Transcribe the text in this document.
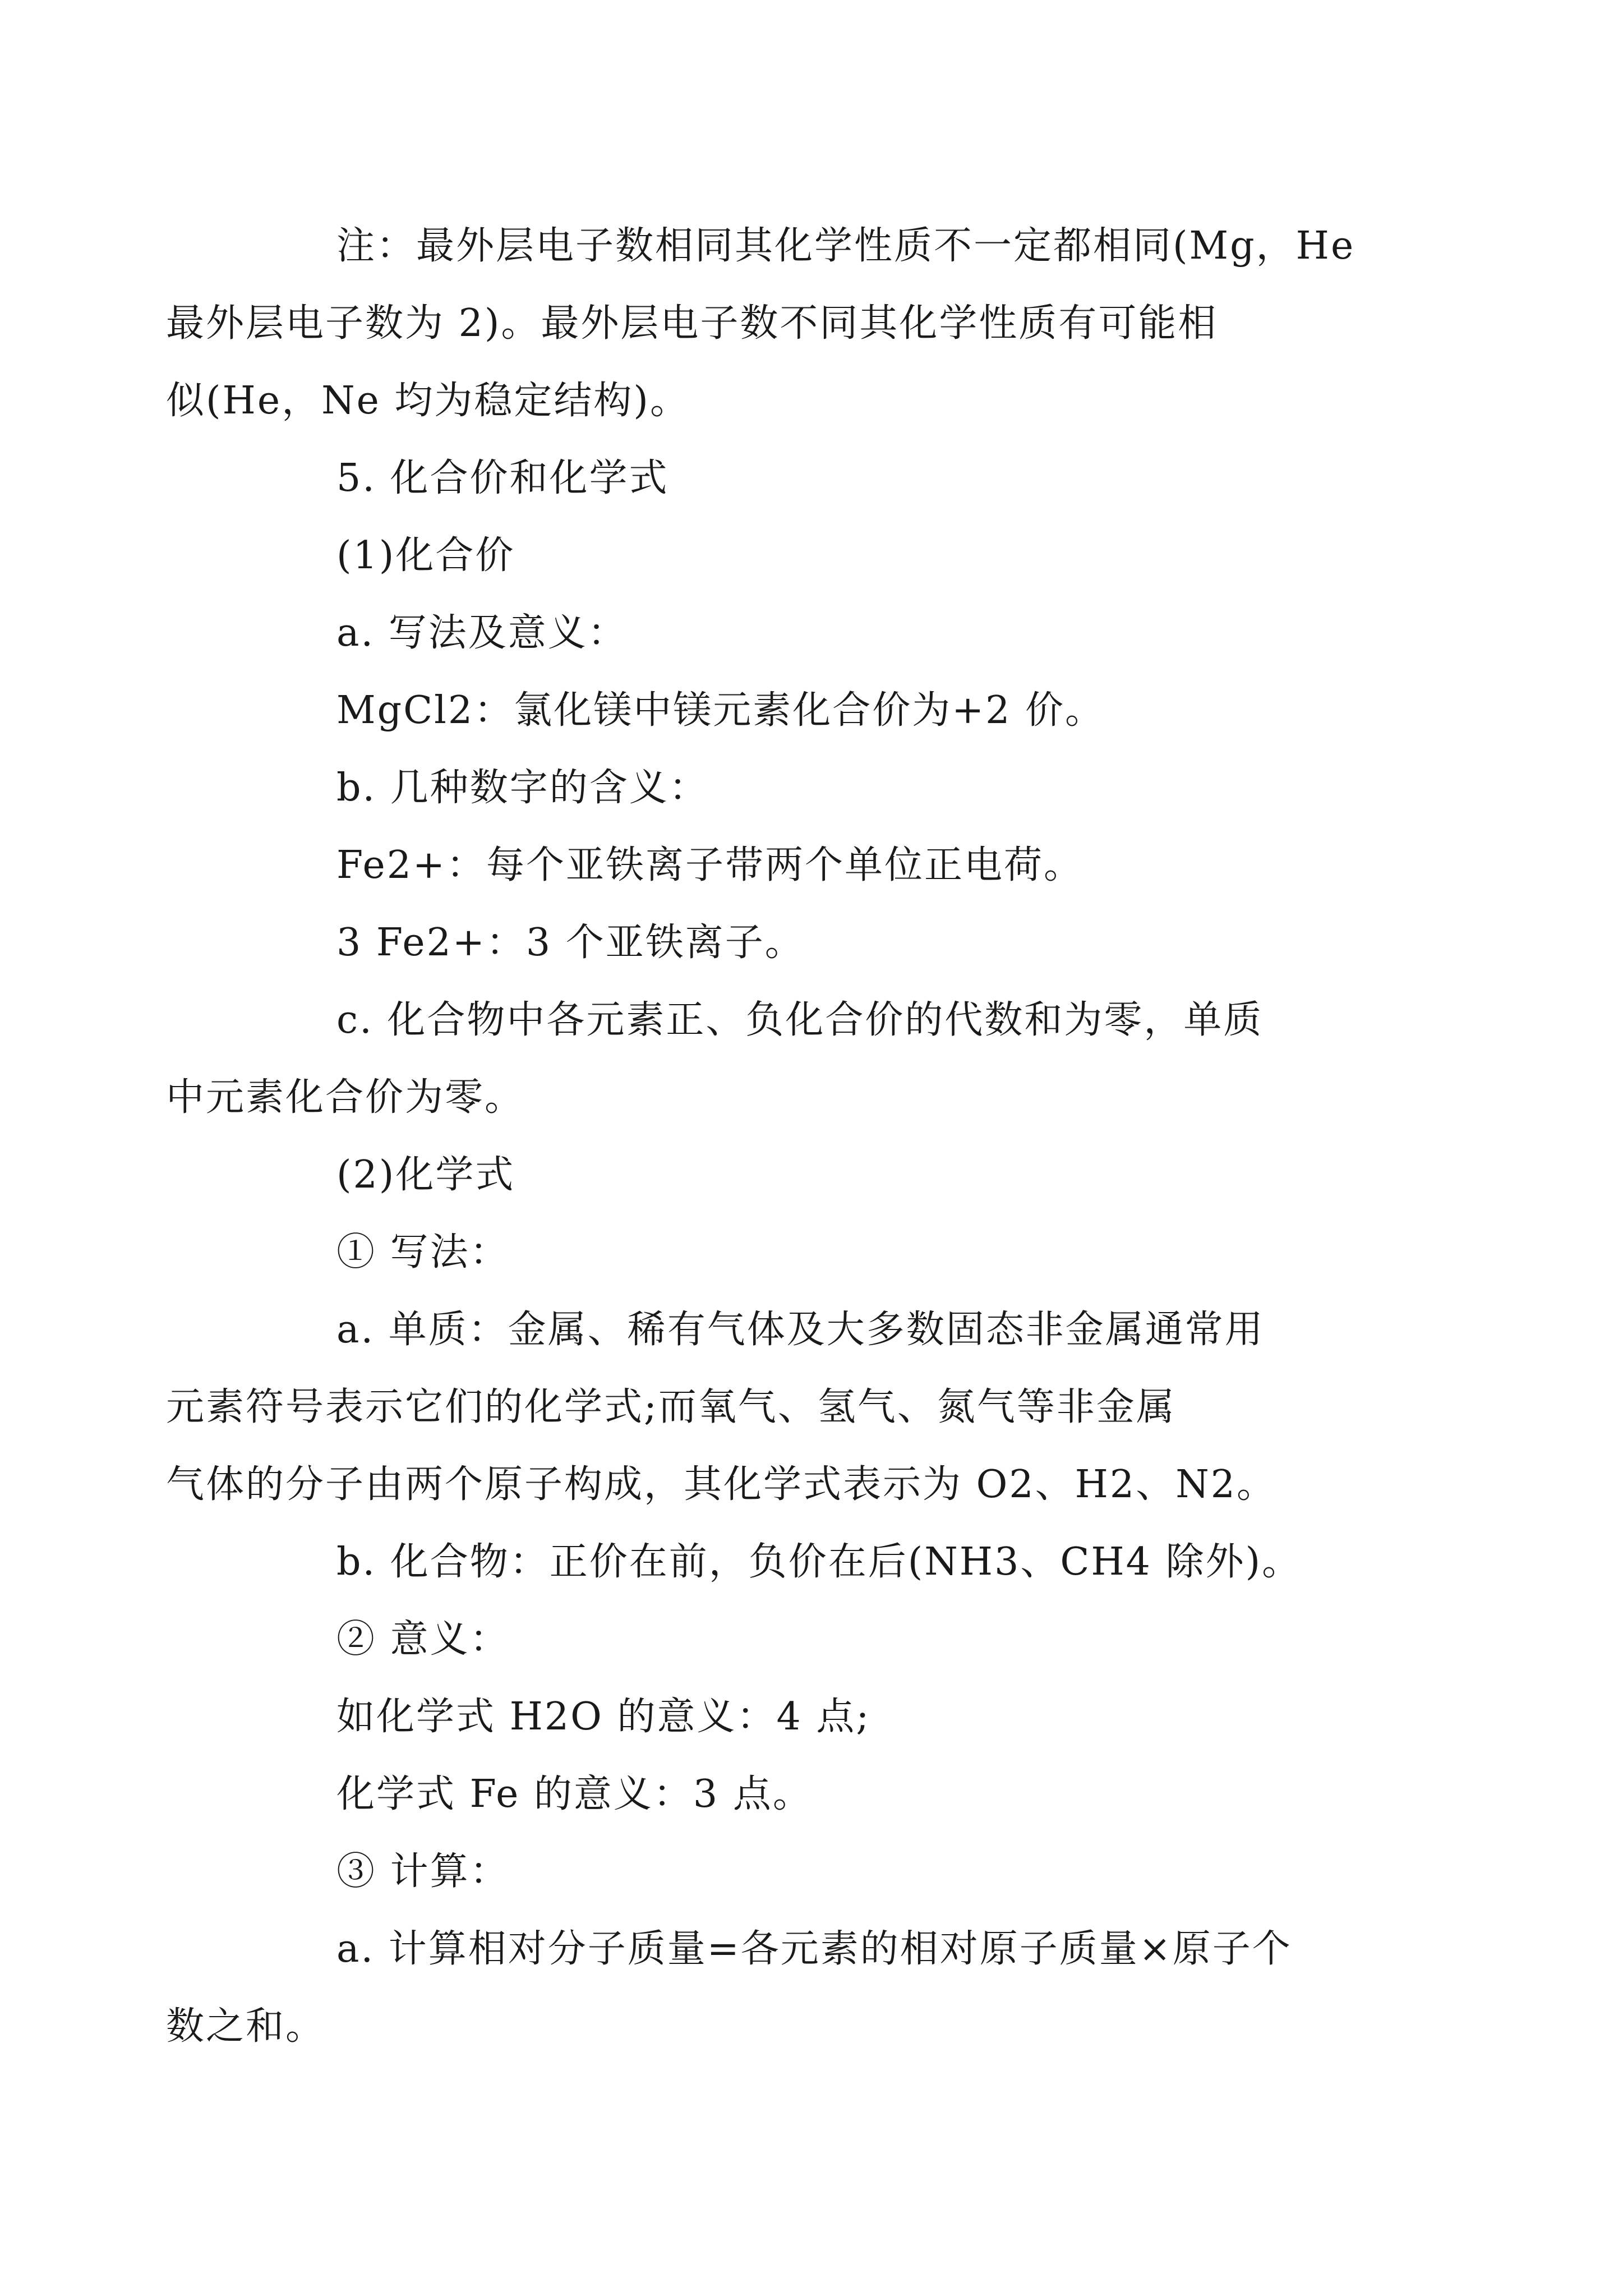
注：最外层电子数相同其化学性质不一定都相同(Mg，He
最外层电子数为 2)。最外层电子数不同其化学性质有可能相
似(He，Ne 均为稳定结构)。

5. 化合价和化学式

(1)化合价

a. 写法及意义：

MgCl2：氯化镁中镁元素化合价为+2 价。

b. 几种数字的含义：

Fe2+：每个亚铁离子带两个单位正电荷。

3 Fe2+：3 个亚铁离子。

c. 化合物中各元素正、负化合价的代数和为零，单质
中元素化合价为零。

(2)化学式

① 写法：

a. 单质：金属、稀有气体及大多数固态非金属通常用
元素符号表示它们的化学式;而氧气、氢气、氮气等非金属
气体的分子由两个原子构成，其化学式表示为 O2、H2、N2。

b. 化合物：正价在前，负价在后(NH3、CH4 除外)。

② 意义：

如化学式 H2O 的意义：4 点;

化学式 Fe 的意义：3 点。

③ 计算：

a. 计算相对分子质量=各元素的相对原子质量×原子个
数之和。
